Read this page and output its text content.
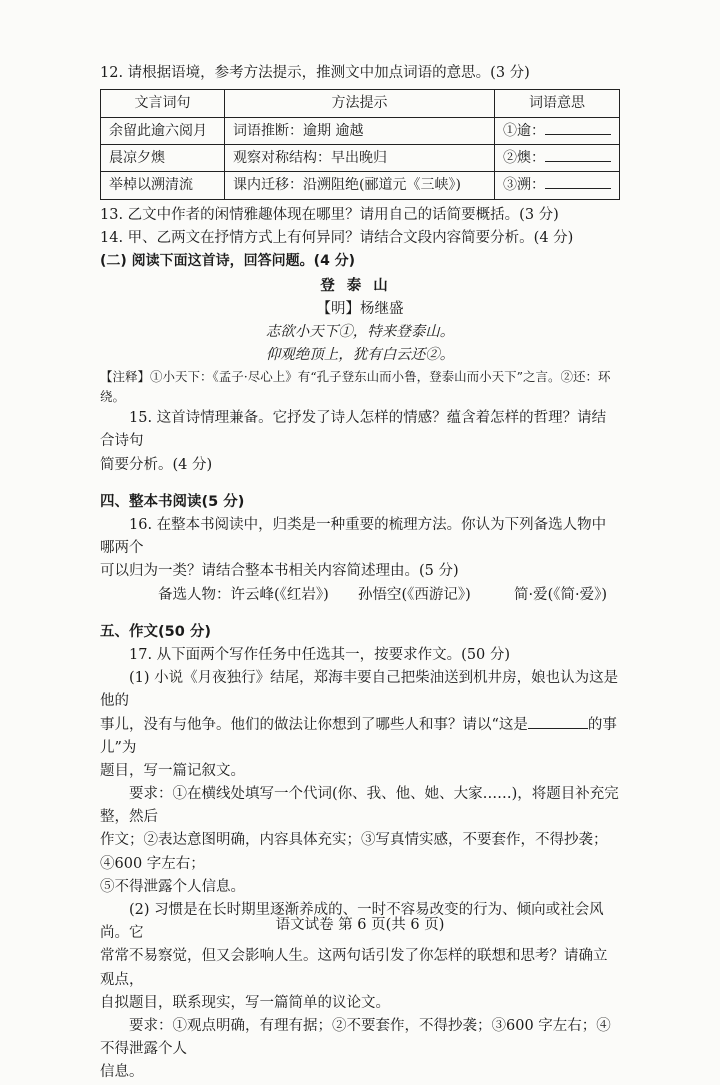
12. 请根据语境，参考方法提示，推测文中加点词语的意思。(3 分)

文言词句	方法提示	词语意思
余留此逾六阅月	词语推断：逾期 逾越	①逾：
晨凉夕燠	观察对称结构：早出晚归	②燠：
举棹以溯清流	课内迁移：沿溯阻绝(郦道元《三峡》)	③溯：

13. 乙文中作者的闲情雅趣体现在哪里？请用自己的话简要概括。(3 分)

14. 甲、乙两文在抒情方式上有何异同？请结合文段内容简要分析。(4 分)

(二) 阅读下面这首诗，回答问题。(4 分)

登泰山
【明】杨继盛
志欲小天下①，特来登泰山。
仰观绝顶上，犹有白云还②。
【注释】①小天下：《孟子·尽心上》有“孔子登东山而小鲁，登泰山而小天下”之言。②还：环绕。

15. 这首诗情理兼备。它抒发了诗人怎样的情感？蕴含着怎样的哲理？请结合诗句

简要分析。(4 分)

四、整本书阅读(5 分)

16. 在整本书阅读中，归类是一种重要的梳理方法。你认为下列备选人物中哪两个

可以归为一类？请结合整本书相关内容简述理由。(5 分)

备选人物：许云峰(《红岩》) 孙悟空(《西游记》)	简·爱(《简·爱》)

五、作文(50 分)

17. 从下面两个写作任务中任选其一，按要求作文。(50 分)

(1) 小说《月夜独行》结尾，郑海丰要自己把柴油送到机井房，娘也认为这是他的

事儿，没有与他争。他们的做法让你想到了哪些人和事？请以“这是	的事儿”为

题目，写一篇记叙文。

要求：①在横线处填写一个代词(你、我、他、她、大家……)，将题目补充完整，然后

作文；②表达意图明确，内容具体充实；③写真情实感，不要套作，不得抄袭；④600 字左右；

⑤不得泄露个人信息。

(2) 习惯是在长时期里逐渐养成的、一时不容易改变的行为、倾向或社会风尚。它

常常不易察觉，但又会影响人生。这两句话引发了你怎样的联想和思考？请确立观点，

自拟题目，联系现实，写一篇简单的议论文。

要求：①观点明确，有理有据；②不要套作，不得抄袭；③600 字左右；④不得泄露个人

信息。

语文试卷 第 6 页(共 6 页)
